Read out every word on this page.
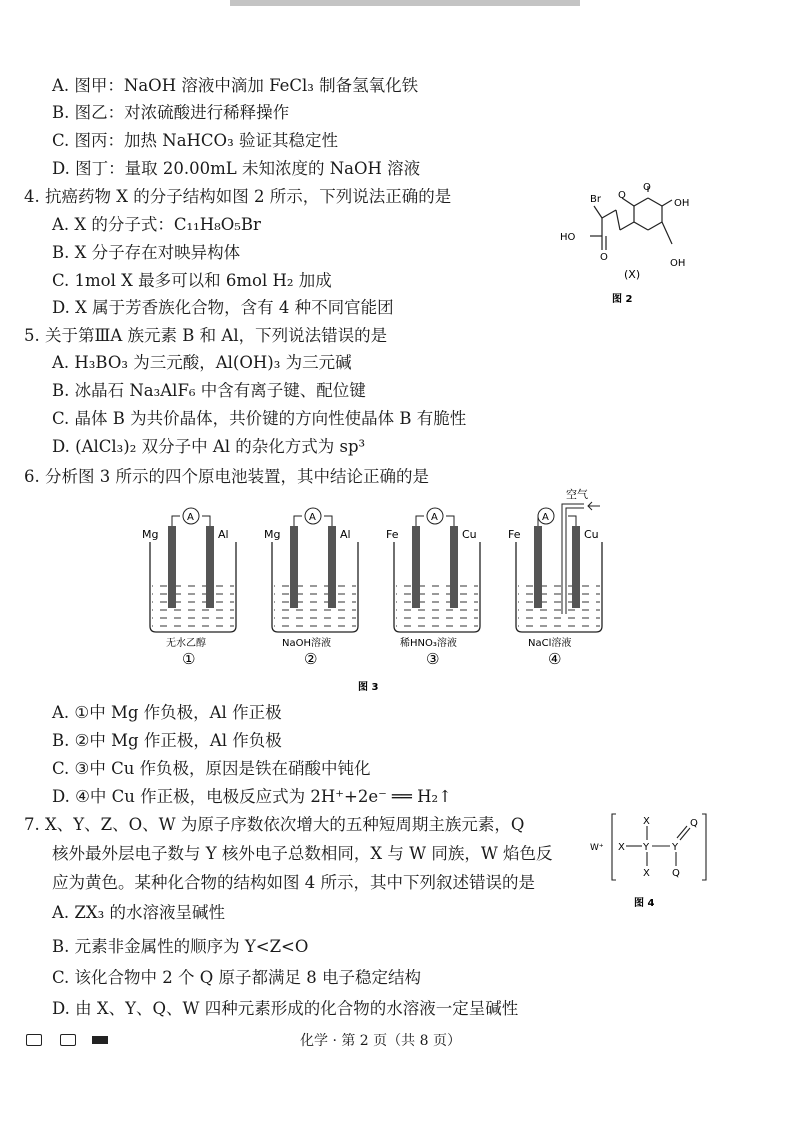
A. 图甲：NaOH 溶液中滴加 FeCl₃ 制备氢氧化铁
B. 图乙：对浓硫酸进行稀释操作
C. 图丙：加热 NaHCO₃ 验证其稳定性
D. 图丁：量取 20.00mL 未知浓度的 NaOH 溶液
4. 抗癌药物 X 的分子结构如图 2 所示，下列说法正确的是
A. X 的分子式：C₁₁H₈O₅Br
B. X 分子存在对映异构体
C. 1mol X 最多可以和 6mol H₂ 加成
D. X 属于芳香族化合物，含有 4 种不同官能团
Br
O
O
OH
OH
HO
O
(X)
图 2
5. 关于第ⅢA 族元素 B 和 Al，下列说法错误的是
A. H₃BO₃ 为三元酸，Al(OH)₃ 为三元碱
B. 冰晶石 Na₃AlF₆ 中含有离子键、配位键
C. 晶体 B 为共价晶体，共价键的方向性使晶体 B 有脆性
D. (AlCl₃)₂ 双分子中 Al 的杂化方式为 sp³
6. 分析图 3 所示的四个原电池装置，其中结论正确的是
A
Mg	Al
无水乙醇
①
A
Mg	Al
NaOH溶液
②
A
Fe	Cu
稀HNO₃溶液
③
A
空气
Fe	Cu
NaCl溶液
④
图 3
A. ①中 Mg 作负极，Al 作正极
B. ②中 Mg 作正极，Al 作负极
C. ③中 Cu 作负极，原因是铁在硝酸中钝化
D. ④中 Cu 作正极，电极反应式为 2H⁺+2e⁻ ══ H₂↑
7. X、Y、Z、O、W 为原子序数依次增大的五种短周期主族元素，Q
核外最外层电子数与 Y 核外电子总数相同，X 与 W 同族，W 焰色反
应为黄色。某种化合物的结构如图 4 所示，其中下列叙述错误的是
W⁺ X
X
Y
X
Y
Q
Q
图 4
A. ZX₃ 的水溶液呈碱性
B. 元素非金属性的顺序为 Y<Z<O
C. 该化合物中 2 个 Q 原子都满足 8 电子稳定结构
D. 由 X、Y、Q、W 四种元素形成的化合物的水溶液一定呈碱性
化学 · 第 2 页（共 8 页）
